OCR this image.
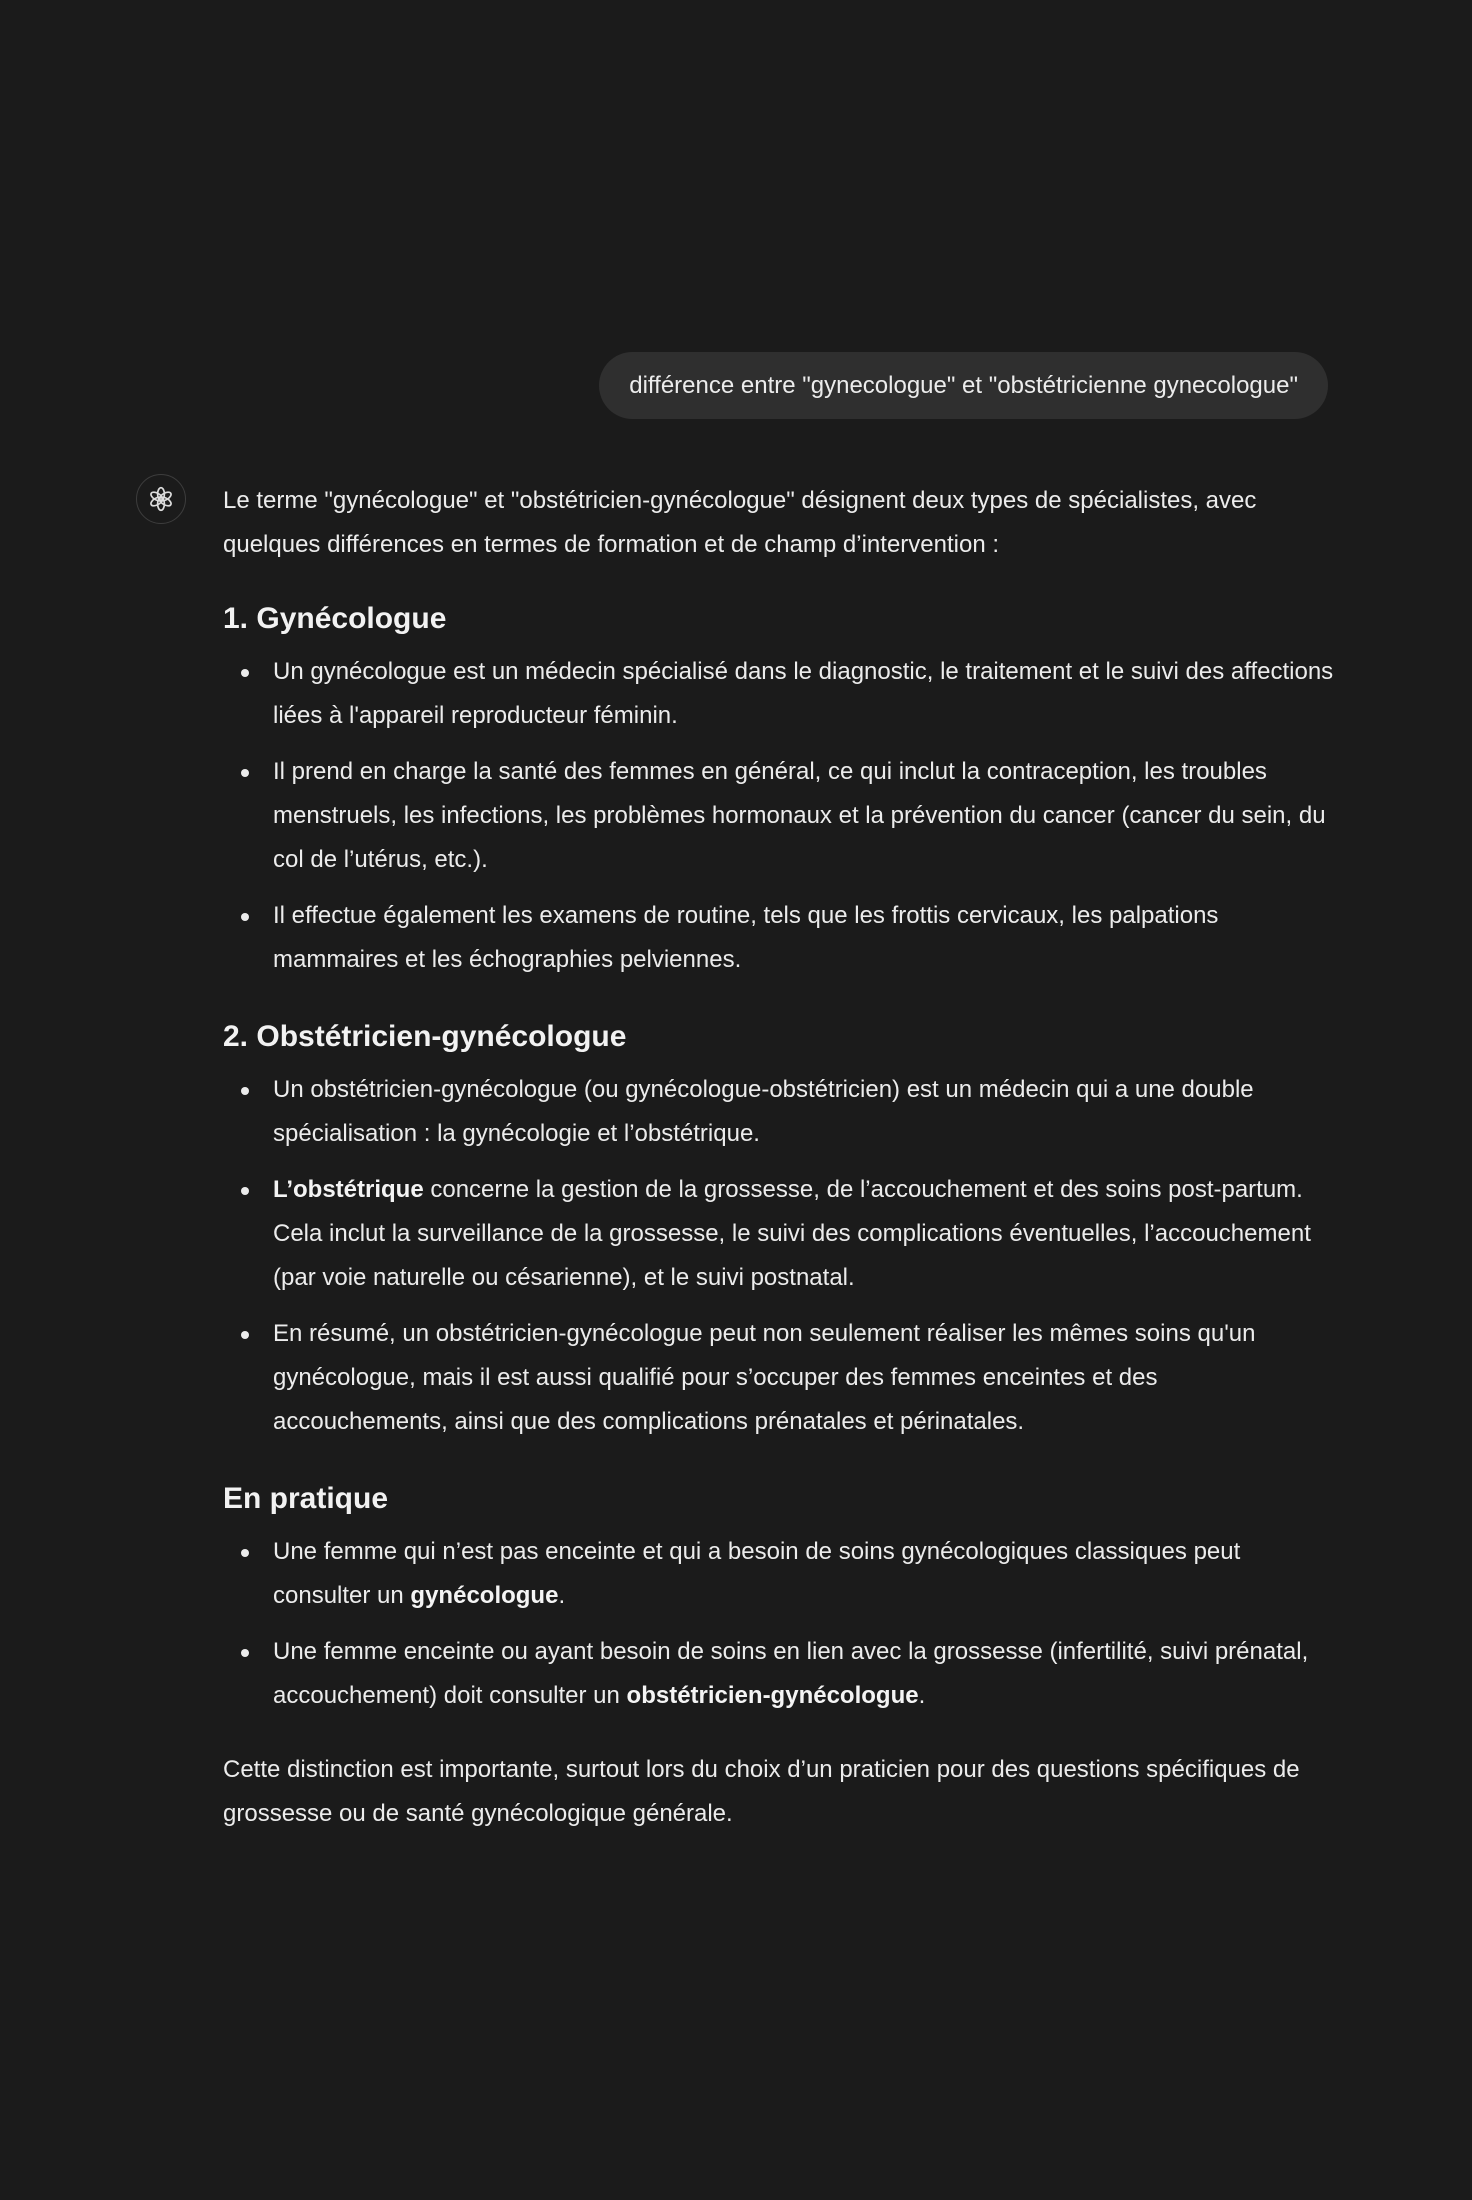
différence entre "gynecologue" et "obstétricienne gynecologue"

Le terme "gynécologue" et "obstétricien-gynécologue" désignent deux types de spécialistes, avec quelques différences en termes de formation et de champ d’intervention :

1. Gynécologue
Un gynécologue est un médecin spécialisé dans le diagnostic, le traitement et le suivi des affections liées à l'appareil reproducteur féminin.
Il prend en charge la santé des femmes en général, ce qui inclut la contraception, les troubles menstruels, les infections, les problèmes hormonaux et la prévention du cancer (cancer du sein, du col de l’utérus, etc.).
Il effectue également les examens de routine, tels que les frottis cervicaux, les palpations mammaires et les échographies pelviennes.
2. Obstétricien-gynécologue
Un obstétricien-gynécologue (ou gynécologue-obstétricien) est un médecin qui a une double spécialisation : la gynécologie et l’obstétrique.
L’obstétrique concerne la gestion de la grossesse, de l’accouchement et des soins post-partum. Cela inclut la surveillance de la grossesse, le suivi des complications éventuelles, l’accouchement (par voie naturelle ou césarienne), et le suivi postnatal.
En résumé, un obstétricien-gynécologue peut non seulement réaliser les mêmes soins qu'un gynécologue, mais il est aussi qualifié pour s’occuper des femmes enceintes et des accouchements, ainsi que des complications prénatales et périnatales.
En pratique
Une femme qui n’est pas enceinte et qui a besoin de soins gynécologiques classiques peut consulter un gynécologue.
Une femme enceinte ou ayant besoin de soins en lien avec la grossesse (infertilité, suivi prénatal, accouchement) doit consulter un obstétricien-gynécologue.

Cette distinction est importante, surtout lors du choix d’un praticien pour des questions spécifiques de grossesse ou de santé gynécologique générale.
